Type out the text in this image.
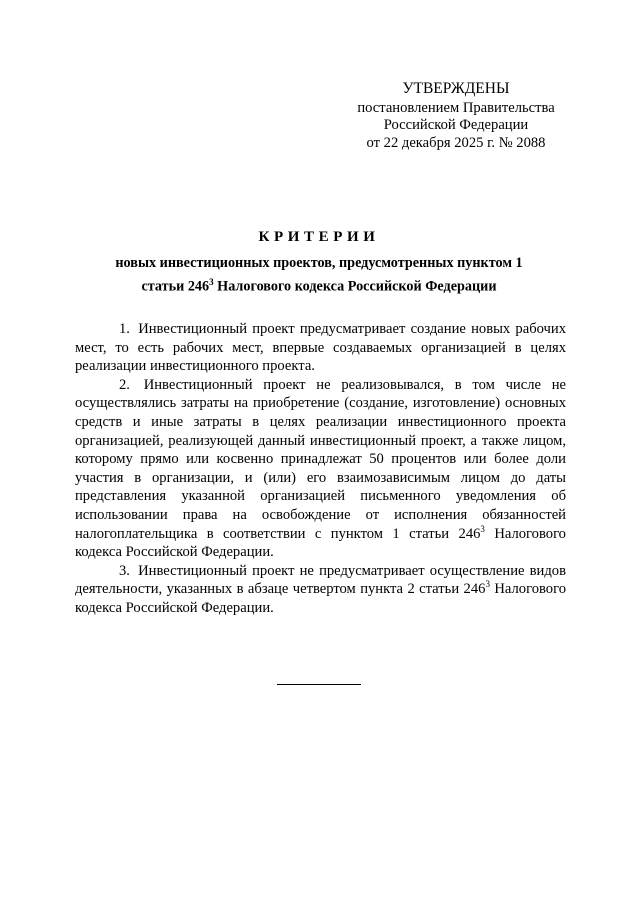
УТВЕРЖДЕНЫ
постановлением Правительства
Российской Федерации
от 22 декабря 2025 г. № 2088
КРИТЕРИИ
новых инвестиционных проектов, предусмотренных пунктом 1
статьи $246^3$ Налогового кодекса Российской Федерации

1. Инвестиционный проект предусматривает создание новых рабочих мест, то есть рабочих мест, впервые создаваемых организацией в целях реализации инвестиционного проекта.

2. Инвестиционный проект не реализовывался, в том числе не осуществлялись затраты на приобретение (создание, изготовление) основных средств и иные затраты в целях реализации инвестиционного проекта организацией, реализующей данный инвестиционный проект, а также лицом, которому прямо или косвенно принадлежат 50 процентов или более доли участия в организации, и (или) его взаимозависимым лицом до даты представления указанной организацией письменного уведомления об использовании права на освобождение от исполнения обязанностей налогоплательщика в соответствии с пунктом 1 статьи $246^3$ Налогового кодекса Российской Федерации.

3. Инвестиционный проект не предусматривает осуществление видов деятельности, указанных в абзаце четвертом пункта 2 статьи $246^3$ Налогового кодекса Российской Федерации.
